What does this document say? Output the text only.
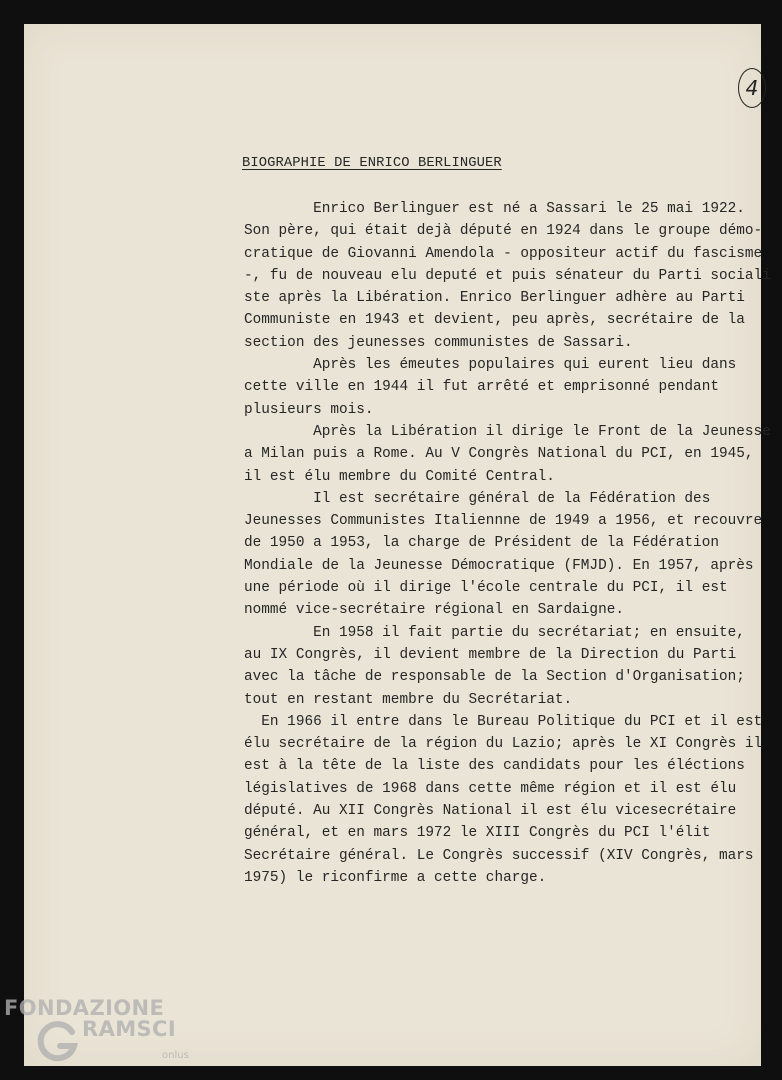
4
BIOGRAPHIE DE ENRICO BERLINGUER
Enrico Berlinguer est né a Sassari le 25 mai 1922.
Son père, qui était dejà député en 1924 dans le groupe démo-
cratique de Giovanni Amendola - oppositeur actif du fascisme
-, fu de nouveau elu deputé et puis sénateur du Parti sociali
ste après la Libération. Enrico Berlinguer adhère au Parti
Communiste en 1943 et devient, peu après, secrétaire de la
section des jeunesses communistes de Sassari.
Après les émeutes populaires qui eurent lieu dans
cette ville en 1944 il fut arrêté et emprisonné pendant
plusieurs mois.
Après la Libération il dirige le Front de la Jeunesse
a Milan puis a Rome. Au V Congrès National du PCI, en 1945,
il est élu membre du Comité Central.
Il est secrétaire général de la Fédération des
Jeunesses Communistes Italiennne de 1949 a 1956, et recouvre
de 1950 a 1953, la charge de Président de la Fédération
Mondiale de la Jeunesse Démocratique (FMJD). En 1957, après
une période où il dirige l'école centrale du PCI, il est
nommé vice-secrétaire régional en Sardaigne.
En 1958 il fait partie du secrétariat; en ensuite,
au IX Congrès, il devient membre de la Direction du Parti
avec la tâche de responsable de la Section d'Organisation;
tout en restant membre du Secrétariat.
En 1966 il entre dans le Bureau Politique du PCI et il est
élu secrétaire de la région du Lazio; après le XI Congrès il
est à la tête de la liste des candidats pour les éléctions
législatives de 1968 dans cette même région et il est élu
député. Au XII Congrès National il est élu vicesecrétaire
général, et en mars 1972 le XIII Congrès du PCI l'élit
Secrétaire général. Le Congrès successif (XIV Congrès, mars
1975) le riconfirme a cette charge.
FONDAZIONE
RAMSCI
onlus
